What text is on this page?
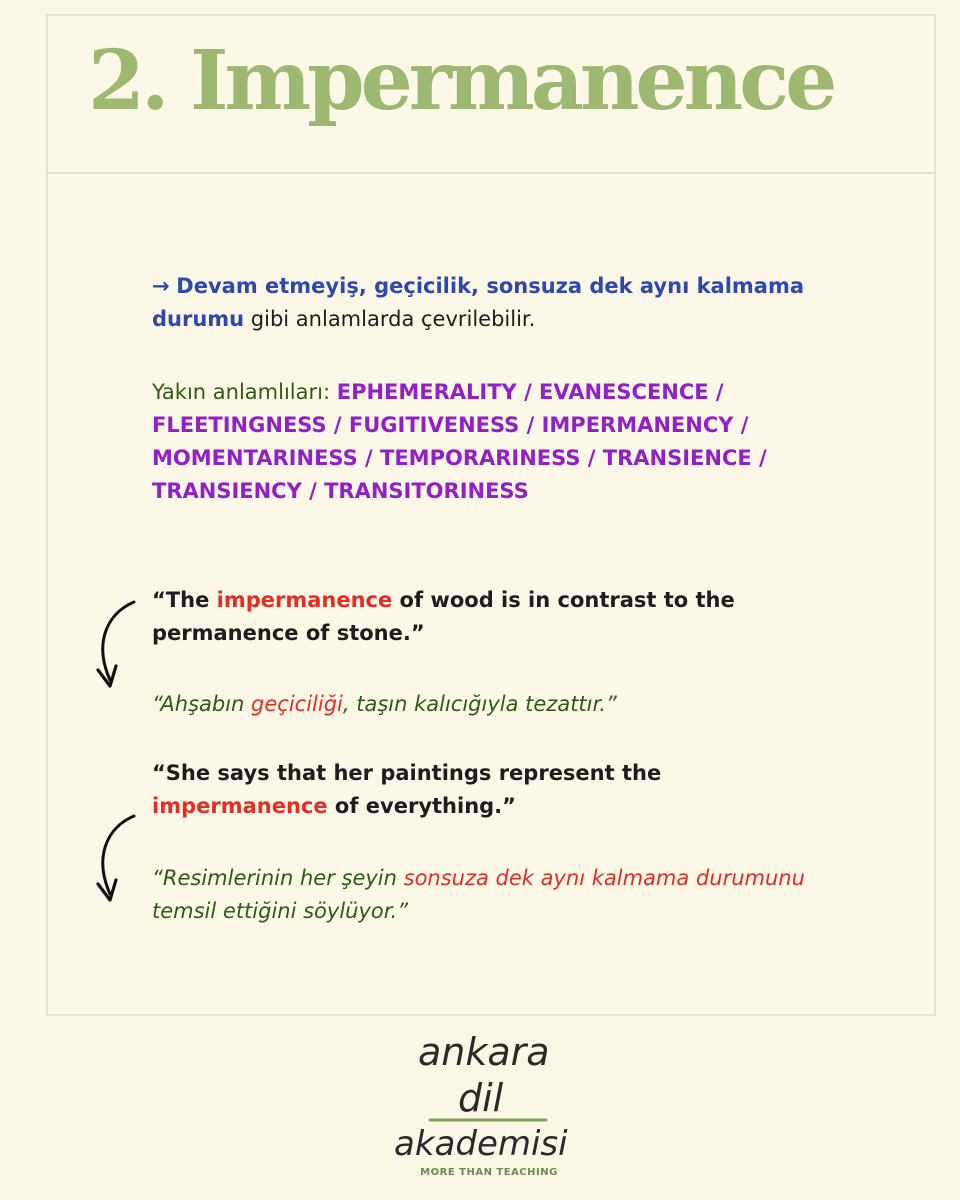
2. Impermanence
→ Devam etmeyiş, geçicilik, sonsuza dek aynı kalmama durumu gibi anlamlarda çevrilebilir.
Yakın anlamlıları: EPHEMERALITY / EVANESCENCE / FLEETINGNESS / FUGITIVENESS / IMPERMANENCY / MOMENTARINESS / TEMPORARINESS / TRANSIENCE / TRANSIENCY / TRANSITORINESS
“The impermanence of wood is in contrast to the permanence of stone.”
“Ahşabın geçiciliği, taşın kalıcığıyla tezattır.”
“She says that her paintings represent the impermanence of everything.”
“Resimlerinin her şeyin sonsuza dek aynı kalmama durumunu temsil ettiğini söylüyor.”
ankara
dil
akademisi
MORE THAN TEACHING
